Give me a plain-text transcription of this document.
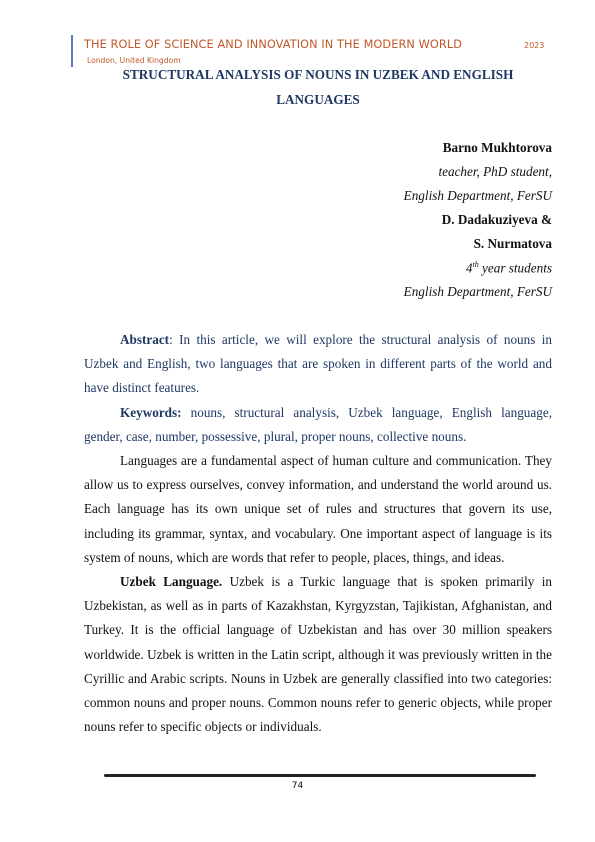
THE ROLE OF SCIENCE AND INNOVATION IN THE MODERN WORLD	2023
London, United Kingdom
STRUCTURAL ANALYSIS OF NOUNS IN UZBEK AND ENGLISH
LANGUAGES
Barno Mukhtorova
teacher, PhD student,
English Department, FerSU
D. Dadakuziyeva &
S. Nurmatova
4th year students
English Department, FerSU

Abstract: In this article, we will explore the structural analysis of nouns in Uzbek and English, two languages that are spoken in different parts of the world and have distinct features.

Keywords: nouns, structural analysis, Uzbek language, English language, gender, case, number, possessive, plural, proper nouns, collective nouns.

Languages are a fundamental aspect of human culture and communication. They allow us to express ourselves, convey information, and understand the world around us. Each language has its own unique set of rules and structures that govern its use, including its grammar, syntax, and vocabulary. One important aspect of language is its system of nouns, which are words that refer to people, places, things, and ideas.

Uzbek Language. Uzbek is a Turkic language that is spoken primarily in Uzbekistan, as well as in parts of Kazakhstan, Kyrgyzstan, Tajikistan, Afghanistan, and Turkey. It is the official language of Uzbekistan and has over 30 million speakers worldwide. Uzbek is written in the Latin script, although it was previously written in the Cyrillic and Arabic scripts. Nouns in Uzbek are generally classified into two categories: common nouns and proper nouns. Common nouns refer to generic objects, while proper nouns refer to specific objects or individuals.

74
